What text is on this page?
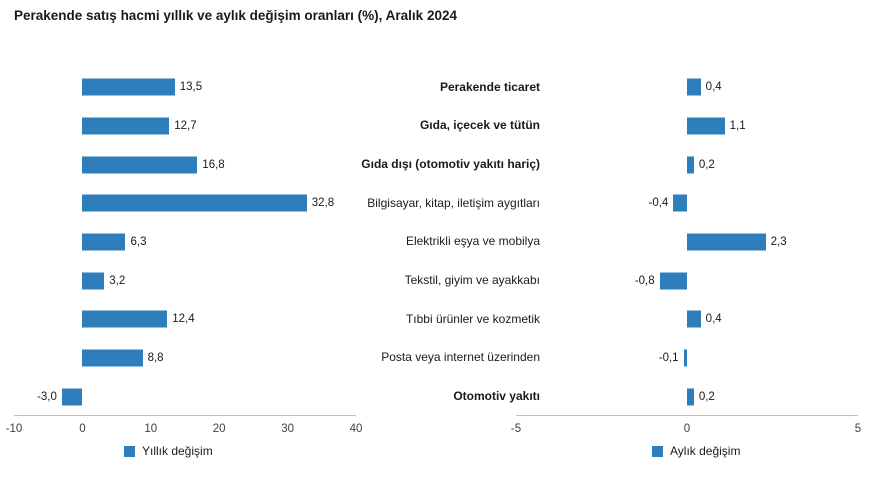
Perakende satış hacmi yıllık ve aylık değişim oranları (%), Aralık 2024
-10	0	10	20	30	40
13,5
12,7
16,8
32,8
6,3
3,2
12,4
8,8
-3,0
Perakende ticaret
Gıda, içecek ve tütün
Gıda dışı (otomotiv yakıtı hariç)
Bilgisayar, kitap, iletişim aygıtları
Elektrikli eşya ve mobilya
Tekstil, giyim ve ayakkabı
Tıbbi ürünler ve kozmetik
Posta veya internet üzerinden
Otomotiv yakıtı
-5	0	5
0,4
1,1
0,2
-0,4
2,3
-0,8
0,4
-0,1
0,2
Yıllık değişim	Aylık değişim
